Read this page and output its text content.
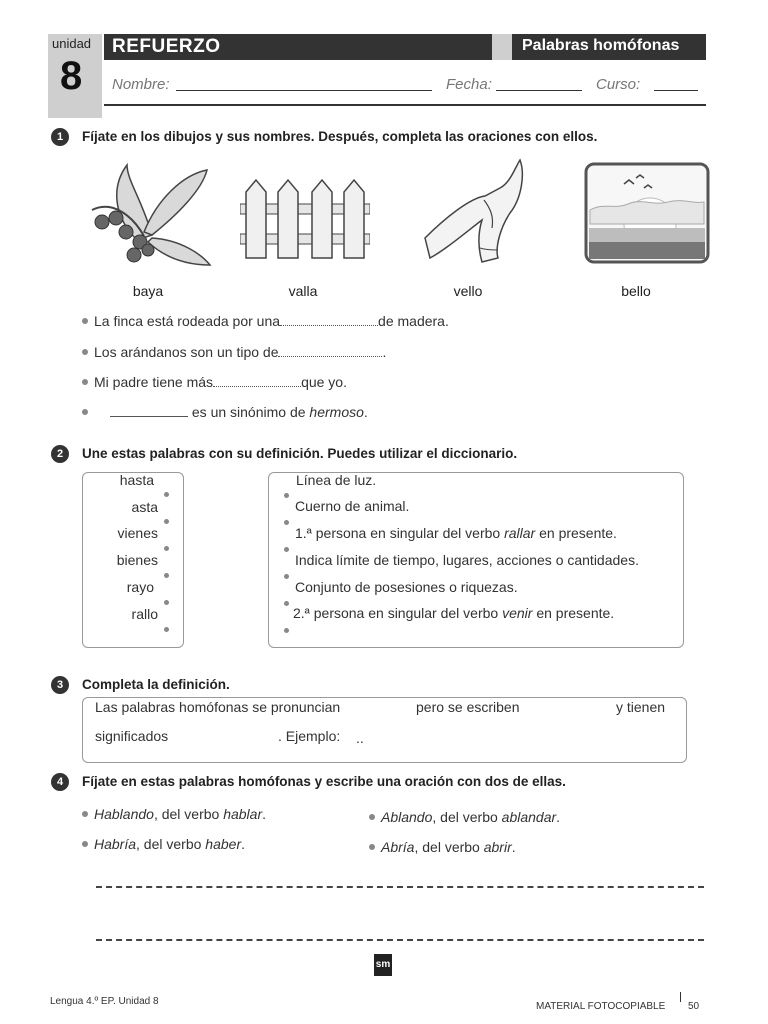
unidad
8
REFUERZO	Palabras homófonas
Nombre:	Fecha:	Curso:
1	Fíjate en los dibujos y sus nombres. Después, completa las oraciones con ellos.
baya	valla	vello	bello
La finca está rodeada por una	de madera.
Los arándanos son un tipo de	.
Mi padre tiene más	que yo.
es un sinónimo de hermoso.
2	Une estas palabras con su definición. Puedes utilizar el diccionario.
hasta
asta
vienes
bienes
rayo
rallo
Línea de luz.
Cuerno de animal.
1.ª persona en singular del verbo rallar en presente.
Indica límite de tiempo, lugares, acciones o cantidades.
Conjunto de posesiones o riquezas.
2.ª persona en singular del verbo venir en presente.
3	Completa la definición.
Las palabras homófonas se pronuncian	pero se escriben	y tienen
significados	. Ejemplo: ..
4	Fíjate en estas palabras homófonas y escribe una oración con dos de ellas.
Hablando, del verbo hablar.
Habría, del verbo haber.
Ablando, del verbo ablandar.
Abría, del verbo abrir.
sm
Lengua 4.º EP. Unidad 8	MATERIAL FOTOCOPIABLE 50
